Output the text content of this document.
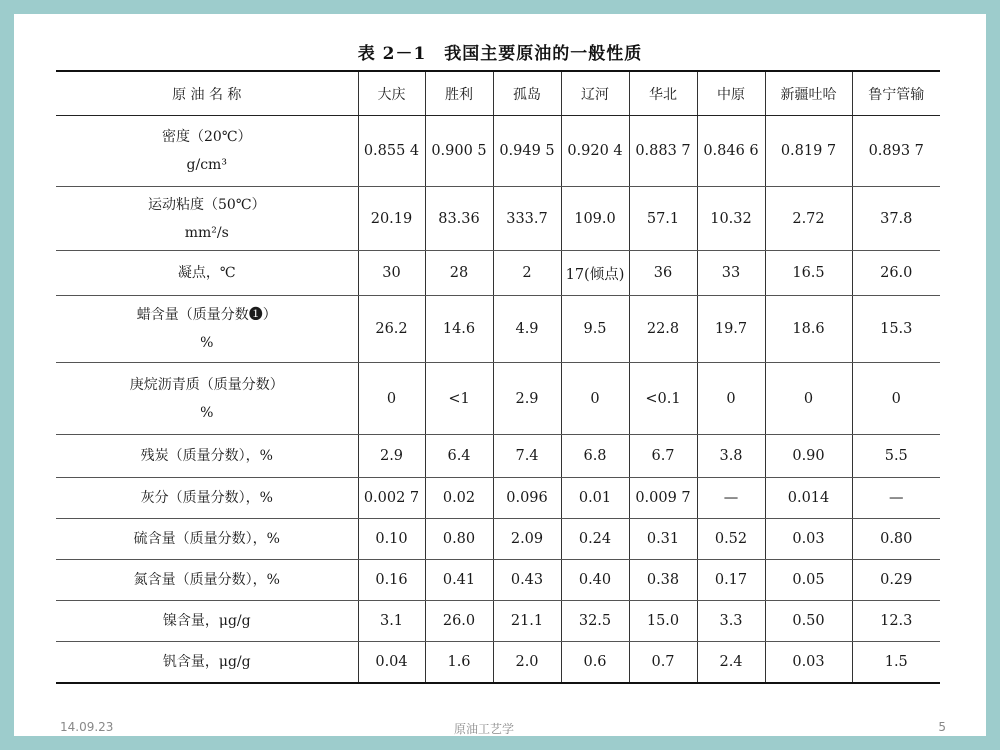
表 2－1　我国主要原油的一般性质
原 油 名 称	大庆	胜利	孤岛	辽河	华北	中原	新疆吐哈	鲁宁管输

密度（20℃）
g/cm³	0.855 4	0.900 5	0.949 5	0.920 4	0.883 7	0.846 6	0.819 7	0.893 7

运动粘度（50℃）
mm²/s	20.19	83.36	333.7	109.0	57.1	10.32	2.72	37.8

凝点，℃	30	28	2	17(倾点)	36	33	16.5	26.0

蜡含量（质量分数❶）
%	26.2	14.6	4.9	9.5	22.8	19.7	18.6	15.3

庚烷沥青质（质量分数）
%	0	<1	2.9	0	<0.1	0	0	0

残炭（质量分数），%	2.9	6.4	7.4	6.8	6.7	3.8	0.90	5.5

灰分（质量分数），%	0.002 7	0.02	0.096	0.01	0.009 7	—	0.014	—

硫含量（质量分数），%	0.10	0.80	2.09	0.24	0.31	0.52	0.03	0.80

氮含量（质量分数），%	0.16	0.41	0.43	0.40	0.38	0.17	0.05	0.29

镍含量，μg/g	3.1	26.0	21.1	32.5	15.0	3.3	0.50	12.3

钒含量，μg/g	0.04	1.6	2.0	0.6	0.7	2.4	0.03	1.5
14.09.23	原油工艺学	5
